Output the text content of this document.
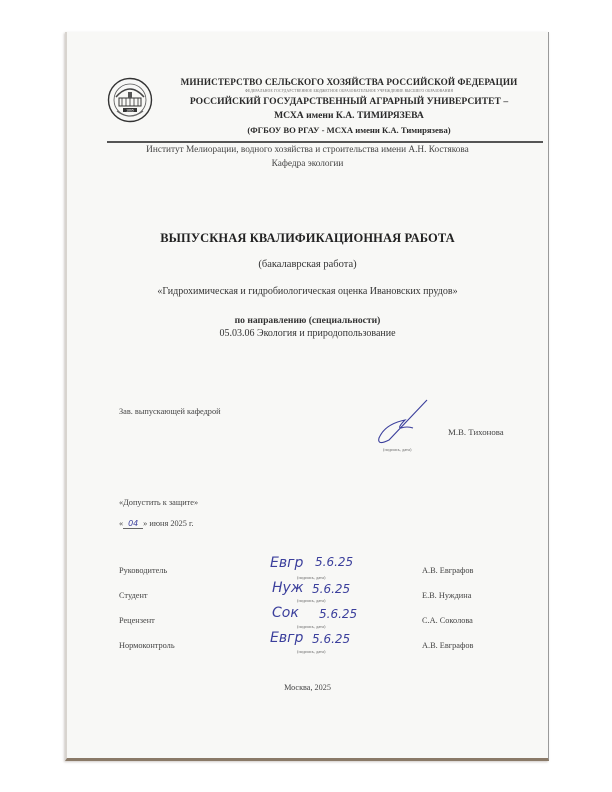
1865
МИНИСТЕРСТВО СЕЛЬСКОГО ХОЗЯЙСТВА РОССИЙСКОЙ ФЕДЕРАЦИИ
ФЕДЕРАЛЬНОЕ ГОСУДАРСТВЕННОЕ БЮДЖЕТНОЕ ОБРАЗОВАТЕЛЬНОЕ УЧРЕЖДЕНИЕ ВЫСШЕГО ОБРАЗОВАНИЯ
РОССИЙСКИЙ ГОСУДАРСТВЕННЫЙ АГРАРНЫЙ УНИВЕРСИТЕТ –
МСХА имени К.А. ТИМИРЯЗЕВА
(ФГБОУ ВО РГАУ - МСХА имени К.А. Тимирязева)
Институт Мелиорации, водного хозяйства и строительства имени А.Н. Костякова
Кафедра экологии
ВЫПУСКНАЯ КВАЛИФИКАЦИОННАЯ РАБОТА
(бакалаврская работа)
«Гидрохимическая и гидробиологическая оценка Ивановских прудов»
по направлению (специальности)
05.03.06 Экология и природопользование
Зав. выпускающей кафедрой
М.В. Тихонова
(подпись, дата)
«Допустить к защите»
« 04 » июня 2025 г.
Руководитель	Евгр 5.6.25
(подпись, дата)
А.В. Евграфов
Студент	Нуж 5.6.25
(подпись, дата)
Е.В. Нуждина
Рецензент	Сок 5.6.25
(подпись, дата)
С.А. Соколова
Нормоконтроль	Евгр 5.6.25
(подпись, дата)
А.В. Евграфов
Москва, 2025
